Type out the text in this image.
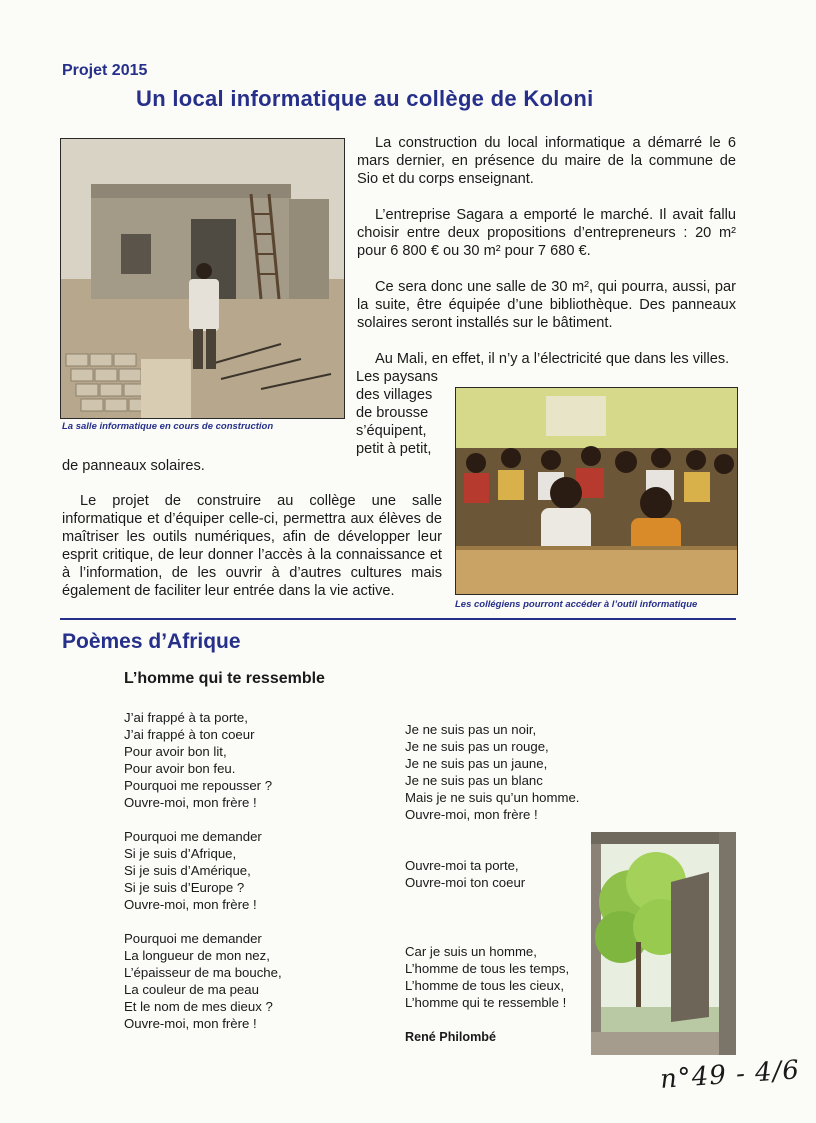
Projet 2015
Un local informatique au collège de Koloni
La salle informatique en cours de construction

La construction du local informatique a démarré le 6 mars dernier, en présence du maire de la commune de Sio et du corps enseignant.

L’entreprise Sagara a emporté le marché. Il avait fallu choisir entre deux propositions d’entrepreneurs : 20 m² pour 6 800 € ou 30 m² pour 7 680 €.

Ce sera donc une salle de 30 m², qui pourra, aussi, par la suite, être équipée d’une bibliothèque. Des panneaux solaires seront installés sur le bâtiment.

Au Mali, en effet, il n’y a l’électricité que dans les villes.

Les paysans
des villages
de brousse
s’équipent,
petit à petit,
de panneaux solaires.

Le projet de construire au collège une salle informatique et d’équiper celle-ci, permettra aux élèves de maîtriser les outils numériques, afin de développer leur esprit critique, de leur donner l’accès à la connaissance et à l’information, de les ouvrir à d’autres cultures mais également de faciliter leur entrée dans la vie active.

Les collégiens pourront accéder à l’outil informatique
Poèmes d’Afrique
L’homme qui te ressemble
J’ai frappé à ta porte,
J’ai frappé à ton coeur
Pour avoir bon lit,
Pour avoir bon feu.
Pourquoi me repousser ?
Ouvre-moi, mon frère !
Pourquoi me demander
Si je suis d’Afrique,
Si je suis d’Amérique,
Si je suis d’Europe ?
Ouvre-moi, mon frère !
Pourquoi me demander
La longueur de mon nez,
L’épaisseur de ma bouche,
La couleur de ma peau
Et le nom de mes dieux ?
Ouvre-moi, mon frère !
Je ne suis pas un noir,
Je ne suis pas un rouge,
Je ne suis pas un jaune,
Je ne suis pas un blanc
Mais je ne suis qu’un homme.
Ouvre-moi, mon frère !
Ouvre-moi ta porte,
Ouvre-moi ton coeur
Car je suis un homme,
L’homme de tous les temps,
L’homme de tous les cieux,
L’homme qui te ressemble !
René Philombé
n°49 - 4/6
